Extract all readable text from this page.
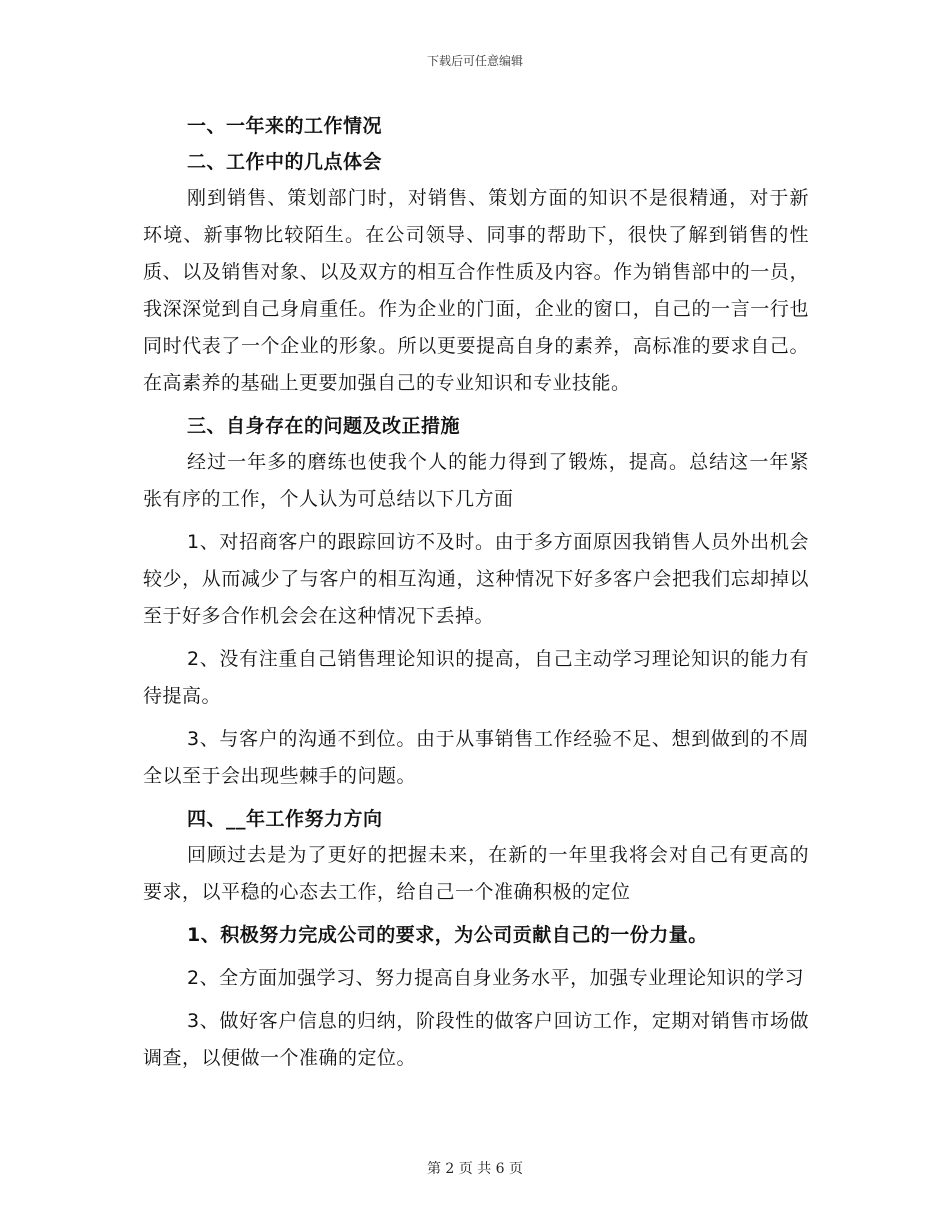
下载后可任意编辑

一、一年来的工作情况

二、工作中的几点体会

刚到销售、策划部门时，对销售、策划方面的知识不是很精通，对于新环境、新事物比较陌生。在公司领导、同事的帮助下，很快了解到销售的性质、以及销售对象、以及双方的相互合作性质及内容。作为销售部中的一员，我深深觉到自己身肩重任。作为企业的门面，企业的窗口，自己的一言一行也同时代表了一个企业的形象。所以更要提高自身的素养，高标准的要求自己。在高素养的基础上更要加强自己的专业知识和专业技能。

三、自身存在的问题及改正措施

经过一年多的磨练也使我个人的能力得到了锻炼，提高。总结这一年紧张有序的工作，个人认为可总结以下几方面

1、对招商客户的跟踪回访不及时。由于多方面原因我销售人员外出机会较少，从而减少了与客户的相互沟通，这种情况下好多客户会把我们忘却掉以至于好多合作机会会在这种情况下丢掉。

2、没有注重自己销售理论知识的提高，自己主动学习理论知识的能力有待提高。

3、与客户的沟通不到位。由于从事销售工作经验不足、想到做到的不周全以至于会出现些棘手的问题。

四、__年工作努力方向

回顾过去是为了更好的把握未来，在新的一年里我将会对自己有更高的要求，以平稳的心态去工作，给自己一个准确积极的定位

1、积极努力完成公司的要求，为公司贡献自己的一份力量。

2、全方面加强学习、努力提高自身业务水平，加强专业理论知识的学习

3、做好客户信息的归纳，阶段性的做客户回访工作，定期对销售市场做调查，以便做一个准确的定位。

第 2 页 共 6 页
